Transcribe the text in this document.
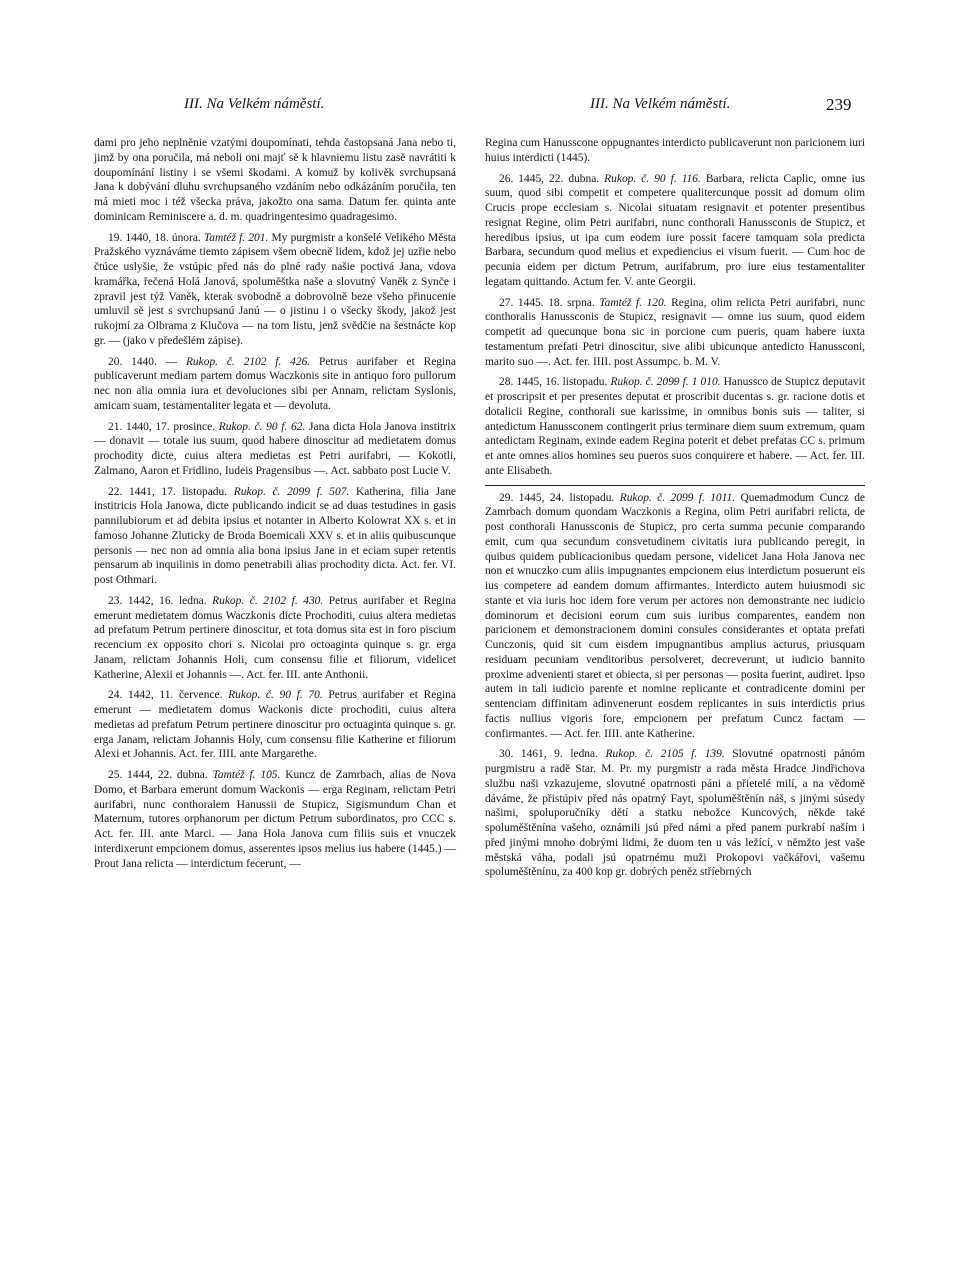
III. Na Velkém náměstí.	III. Na Velkém náměstí.	239

dami pro jeho neplněnie vzatými doupomínati, tehda častopsaná Jana nebo ti, jimž by ona poručila, má neboli oni majť sě k hlavniemu listu zasě navrátiti k doupomínání listiny i se všemi škodami. A komuž by kolivěk svrchupsaná Jana k dobývání dluhu svrchupsaného vzdáním nebo odkázáním poručila, ten má mieti moc i též všecka práva, jakožto ona sama. Datum fer. quinta ante dominicam Reminiscere a. d. m. quadringentesimo quadragesimo.

19. 1440, 18. února. Tamtéž f. 201. My purgmistr a konšelé Velikého Města Pražského vyznáváme tiemto zápisem všem obecně lidem, kdož jej uzřie nebo čtúce uslyšie, že vstúpic před nás do plné rady našie poctivá Jana, vdova kramářka, řečená Holá Janová, spoluměštka naše a slovutný Vaněk z Synče i zpravil jest týž Vaněk, kterak svobodně a dobrovolně beze všeho přinucenie umluvil sě jest s svrchupsanú Janú — o jistinu i o všecky škody, jakož jest rukojmí za Olbrama z Klučova — na tom listu, jenž svědčie na šestnácte kop gr. — (jako v předešlém zápise).

20. 1440. — Rukop. č. 2102 f. 426. Petrus aurifaber et Regina publicaverunt mediam partem domus Waczkonis site in antiquo foro pullorum nec non alia omnia iura et devoluciones sibi per Annam, relictam Syslonis, amicam suam, testamentaliter legata et — devoluta.

21. 1440, 17. prosince. Rukop. č. 90 f. 62. Jana dicta Hola Janova institrix — donavit — totale ius suum, quod habere dinoscitur ad medietatem domus prochodity dicte, cuius altera medietas est Petri aurifabri, — Kokotli, Zalmano, Aaron et Fridlino, Iudeis Pragensibus —. Act. sabbato post Lucie V.

22. 1441, 17. listopadu. Rukop. č. 2099 f. 507. Katherina, filia Jane institricis Hola Janowa, dicte publicando indicit se ad duas testudines in gasis pannilubiorum et ad debita ipsius et notanter in Alberto Kolowrat XX s. et in famoso Johanne Zluticky de Broda Boemicali XXV s. et in aliis quibuscunque personis — nec non ad omnia alia bona ipsius Jane in et eciam super retentis pensarum ab inquilinis in domo penetrabili alias prochodity dicta. Act. fer. VI. post Othmari.

23. 1442, 16. ledna. Rukop. č. 2102 f. 430. Petrus aurifaber et Regina emerunt medietatem domus Waczkonis dicte Prochoditi, cuius altera medietas ad prefatum Petrum pertinere dinoscitur, et tota domus sita est in foro piscium recencium ex opposito chori s. Nicolai pro octoaginta quinque s. gr. erga Janam, relictam Johannis Holi, cum consensu filie et filiorum, videlicet Katherine, Alexii et Johannis —. Act. fer. III. ante Anthonii.

24. 1442, 11. července. Rukop. č. 90 f. 70. Petrus aurifaber et Regina emerunt — medietatem domus Wackonis dicte prochoditi, cuius altera medietas ad prefatum Petrum pertinere dinoscitur pro octuaginta quinque s. gr. erga Janam, relictam Johannis Holy, cum consensu filie Katherine et filiorum Alexi et Johannis. Act. fer. IIII. ante Margarethe.

25. 1444, 22. dubna. Tamtéž f. 105. Kuncz de Zamrbach, alias de Nova Domo, et Barbara emerunt domum Wackonis — erga Reginam, relictam Petri aurifabri, nunc conthoralem Hanussii de Stupicz, Sigismundum Chan et Maternum, tutores orphanorum per dictum Petrum subordinatos, pro CCC s. Act. fer. III. ante Marci. — Jana Hola Janova cum filiis suis et vnuczek interdixerunt empcionem domus, asserentes ipsos melius ius habere (1445.) — Prout Jana relicta — interdictum fecerunt, —

Regina cum Hanusscone oppugnantes interdicto publicaverunt non paricionem iuri huius interdicti (1445).

26. 1445, 22. dubna. Rukop. č. 90 f. 116. Barbara, relicta Caplic, omne ius suum, quod sibi competit et competere qualitercunque possit ad domum olim Crucis prope ecclesiam s. Nicolai situatam resignavit et potenter presentibus resignat Regine, olim Petri aurifabri, nunc conthorali Hanussconis de Stupicz, et heredibus ipsius, ut ipa cum eodem iure possit facere tamquam sola predicta Barbara, secundum quod melius et expediencius ei visum fuerit. — Cum hoc de pecunia eidem per dictum Petrum, aurifabrum, pro iure eius testamentaliter legatam quittando. Actum fer. V. ante Georgii.

27. 1445. 18. srpna. Tamtéž f. 120. Regina, olim relicta Petri aurifabri, nunc conthoralis Hanussconis de Stupicz, resignavit — omne ius suum, quod eidem competit ad quecunque bona sic in porcione cum pueris, quam habere iuxta testamentum prefati Petri dinoscitur, sive alibi ubicunque antedicto Hanussconi, marito suo —. Act. fer. IIII. post Assumpc. b. M. V.

28. 1445, 16. listopadu. Rukop. č. 2099 f. 1 010. Hanussco de Stupicz deputavit et proscripsit et per presentes deputat et proscribit ducentas s. gr. racione dotis et dotalicii Regine, conthorali sue karissime, in omnibus bonis suis — taliter, si antedictum Hanussconem contingerit prius terminare diem suum extremum, quam antedictam Reginam, exinde eadem Regina poterit et debet prefatas CC s. primum et ante omnes alios homines seu pueros suos conquirere et habere. — Act. fer. III. ante Elisabeth.

29. 1445, 24. listopadu. Rukop. č. 2099 f. 1011. Quemadmodum Cuncz de Zamrbach domum quondam Waczkonis a Regina, olim Petri aurifabri relicta, de post conthorali Hanussconis de Stupicz, pro certa summa pecunie comparando emit, cum qua secundum consvetudinem civitatis iura publicando peregit, in quibus quidem publicacionibus quedam persone, videlicet Jana Hola Janova nec non et wnuczko cum aliis impugnantes empcionem eius interdictum posuerunt eis ius competere ad eandem domum affirmantes. Interdicto autem huiusmodi sic stante et via iuris hoc idem fore verum per actores non demonstrante nec iudicio dominorum et decisioni eorum cum suis iuribus comparentes, eandem non paricionem et demonstracionem domini consules considerantes et optata prefati Cunczonis, quid sit cum eisdem impugnantibus amplius acturus, priusquam residuam pecuniam venditoribus persolveret, decreverunt, ut iudicio bannito proxime advenienti staret et obiecta, si per personas — posita fuerint, audiret. Ipso autem in tali iudicio parente et nomine replicante et contradicente domini per sentenciam diffinitam adinvenerunt eosdem replicantes in suis interdictis prius factis nullius vigoris fore, empcionem per prefatum Cuncz factam — confirmantes. — Act. fer. IIII. ante Katherine.

30. 1461, 9. ledna. Rukop. č. 2105 f. 139. Slovutné opatrnosti pánóm purgmistru a radě Star. M. Pr. my purgmistr a rada města Hradce Jindřichova službu naši vzkazujeme, slovutné opatrnosti páni a přietelé milí, a na vědomě dáváme, že přistúpiv před nás opatrný Fayt, spoluměštěnín náš, s jinými súsedy našimi, spoluporučníky dětí a statku nebožce Kuncových, někde také spoluměštěnína vašeho, oznámili jsú před námi a před panem purkrabí naším i před jinými mnoho dobrými lidmi, že duom ten u vás ležící, v němžto jest vaše městská váha, podali jsú opatrnému muži Prokopovi vačkářovi, vašemu spoluměštěnínu, za 400 kop gr. dobrých peněz stříebrných
